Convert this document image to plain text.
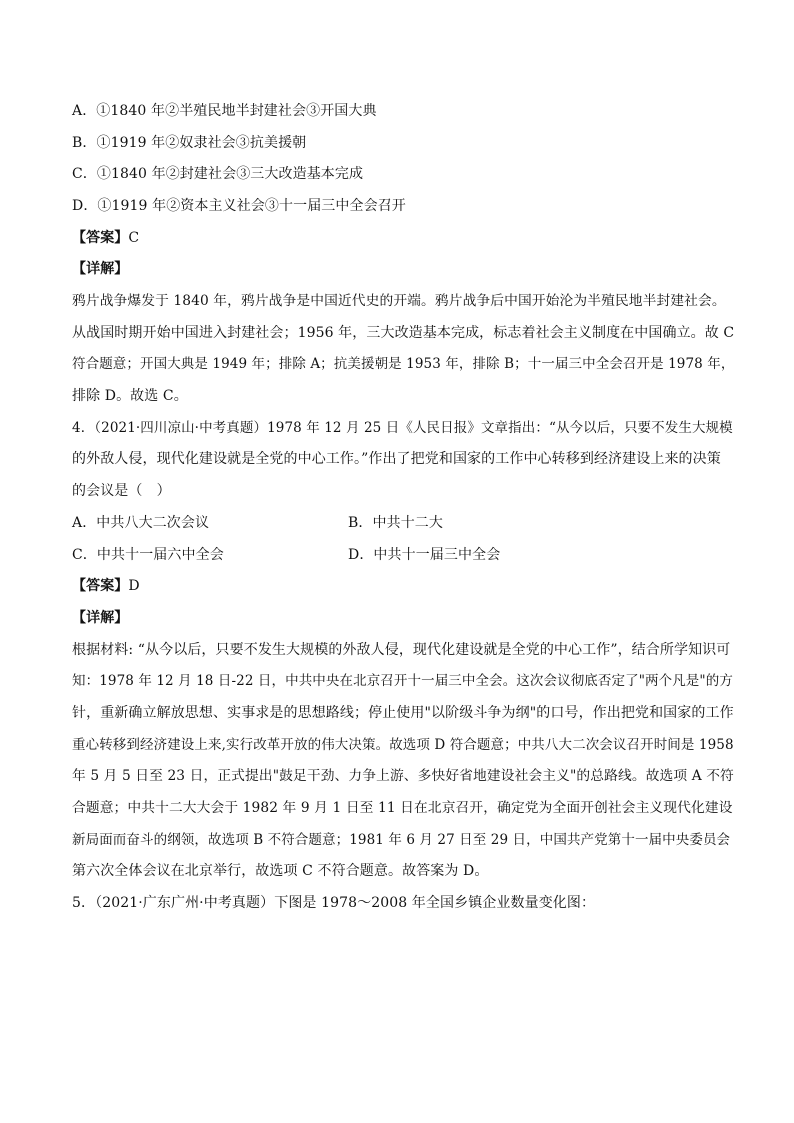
A．①1840 年②半殖民地半封建社会③开国大典
B．①1919 年②奴隶社会③抗美援朝
C．①1840 年②封建社会③三大改造基本完成
D．①1919 年②资本主义社会③十一届三中全会召开
【答案】C
【详解】
鸦片战争爆发于 1840 年，鸦片战争是中国近代史的开端。鸦片战争后中国开始沦为半殖民地半封建社会。
从战国时期开始中国进入封建社会；1956 年，三大改造基本完成，标志着社会主义制度在中国确立。故 C
符合题意；开国大典是 1949 年；排除 A；抗美援朝是 1953 年，排除 B；十一届三中全会召开是 1978 年，
排除 D。故选 C。
4．（2021·四川凉山·中考真题）1978 年 12 月 25 日《人民日报》文章指出：“从今以后，只要不发生大规模
的外敌人侵，现代化建设就是全党的中心工作。”作出了把党和国家的工作中心转移到经济建设上来的决策
的会议是（　）
A．中共八大二次会议	B．中共十二大
C．中共十一届六中全会	D．中共十一届三中全会
【答案】D
【详解】
根据材料: “从今以后，只要不发生大规模的外敌人侵，现代化建设就是全党的中心工作”，结合所学知识可
知：1978 年 12 月 18 日-22 日，中共中央在北京召开十一届三中全会。这次会议彻底否定了"两个凡是"的方
针，重新确立解放思想、实事求是的思想路线；停止使用"以阶级斗争为纲"的口号，作出把党和国家的工作
重心转移到经济建设上来,实行改革开放的伟大决策。故选项 D 符合题意；中共八大二次会议召开时间是 1958
年 5 月 5 日至 23 日，正式提出"鼓足干劲、力争上游、多快好省地建设社会主义"的总路线。故选项 A 不符
合题意；中共十二大大会于 1982 年 9 月 1 日至 11 日在北京召开，确定党为全面开创社会主义现代化建设
新局面而奋斗的纲领，故选项 B 不符合题意；1981 年 6 月 27 日至 29 日，中国共产党第十一届中央委员会
第六次全体会议在北京举行，故选项 C 不符合题意。故答案为 D。
5．（2021·广东广州·中考真题）下图是 1978～2008 年全国乡镇企业数量变化图：
